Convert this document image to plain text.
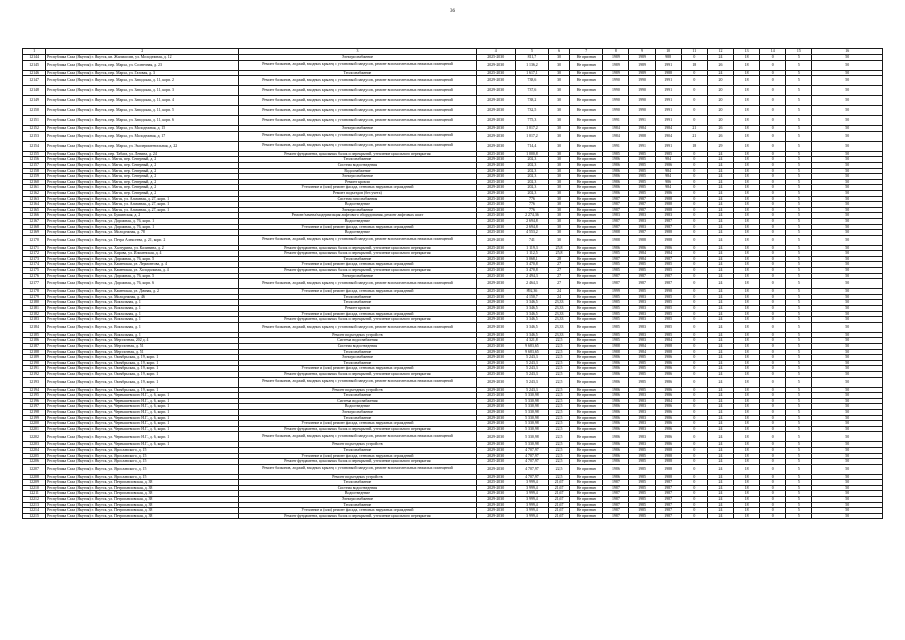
36
1	2	3	4	5	6	7	8	9	10	11	12	13	14	15	16
12144	Республика Саха (Якутия) г. Якутск, кв. Жилмассив, ул. Молодежная, д. 12	Электроснабжение	2025-2030	811,7	30	Не признан	1989	1989	988	0	24	18	0	5	50
12145	Республика Саха (Якутия) г. Якутск, пер. Марха, ул. Солнечная, д. 23	Ремонт балконов, лоджий, входных крылец с установкой пандусов, ремонт вспомогательных нежилых помещений	2029-2030	1 136,2	30	Не признан	1989	1989	1991	18	26	18	0	5	50
12146	Республика Саха (Якутия) г. Якутск, пер. Марха, ул. Газовая, д. 3	Теплоснабжение	2025-2030	1 617,1	30	Не признан	1989	1989	1988	0	24	18	0	5	50
12147	Республика Саха (Якутия) г. Якутск, пер. Марха, ул. Заводская, д. 11, корп. 2	Ремонт балконов, лоджий, входных крылец с установкой пандусов, ремонт вспомогательных нежилых помещений	2029-2030	738,6	30	Не признан	1990	1990	1991	0	20	18	0	5	50
12148	Республика Саха (Якутия) г. Якутск, пер. Марха, ул. Заводская, д. 11, корп. 3	Ремонт балконов, лоджий, входных крылец с установкой пандусов, ремонт вспомогательных нежилых помещений	2029-2030	737,6	30	Не признан	1990	1990	1991	0	20	18	0	5	50
12149	Республика Саха (Якутия) г. Якутск, пер. Марха, ул. Заводская, д. 11, корп. 4	Ремонт балконов, лоджий, входных крылец с установкой пандусов, ремонт вспомогательных нежилых помещений	2029-2030	738,2	30	Не признан	1990	1990	1991	0	20	18	0	5	50
12150	Республика Саха (Якутия) г. Якутск, пер. Марха, ул. Заводская, д. 11, корп. 5	Ремонт балконов, лоджий, входных крылец с установкой пандусов, ремонт вспомогательных нежилых помещений	2029-2030	732,5	30	Не признан	1990	1990	1991	0	20	18	0	5	50
12151	Республика Саха (Якутия) г. Якутск, пер. Марха, ул. Заводская, д. 11, корп. 6	Ремонт балконов, лоджий, входных крылец с установкой пандусов, ремонт вспомогательных нежилых помещений	2029-2030	775,3	30	Не признан	1991	1991	1991	0	20	18	0	5	50
12152	Республика Саха (Якутия) г. Якутск, пер. Марха, ул. Молодежная, д. 15	Электроснабжение	2029-2030	1 017,2	30	Не признан	1984	1984	1984	21	26	18	0	5	50
12153	Республика Саха (Якутия) г. Якутск, пер. Марха, ул. Молодежная, д. 17	Ремонт балконов, лоджий, входных крылец с установкой пандусов, ремонт вспомогательных нежилых помещений	2029-2030	1 017,2	30	Не признан	1984	1988	1904	21	26	18	0	5	50
12154	Республика Саха (Якутия) г. Якутск, пер. Марха, ул. Экспериментальная, д. 22	Ремонт балконов, лоджий, входных крылец с установкой пандусов, ремонт вспомогательных нежилых помещений	2029-2030	714,4	30	Не признан	1991	1991	1991	18	29	18	0	5	50
12155	Республика Саха (Якутия) г. Якутск, пер. Табага, ул. Ленина, д. 24	Ремонт фундамента, цокольных балок и перекрытий, утепление цокольного перекрытия	2025-2030	1 000,8	30	Не признан	1985	1985	1985	0	24	18	0	5	50
12156	Республика Саха (Якутия) г. Якутск, с. Магаs, пер. Северный, д. 2	Теплоснабжение	2029-2030	202,3	30	Не признан	1986	1985	984	0	24	18	0	5	50
12157	Республика Саха (Якутия) г. Якутск, с. Магаs, пер. Северный, д. 2	Система водоотведения	2029-2030	202,3	30	Не признан	1986	1985	1986	0	24	18	0	5	50
12158	Республика Саха (Якутия) г. Якутск, с. Магаs, пер. Северный, д. 2	Водоснабжение	2029-2030	202,3	30	Не признан	1986	1985	984	0	24	18	0	5	50
12159	Республика Саха (Якутия) г. Якутск, с. Магаs, пер. Северный, д. 2	Электроснабжение	2029-2030	202,3	30	Не признан	1986	1985	984	0	24	18	0	5	50
12160	Республика Саха (Якутия) г. Якутск, с. Магаs, пер. Северный, д. 2	Ремонт кровли	2025-2030	202,3	30	Не признан	1986	1985	986	0	24	18	0	5	50
12161	Республика Саха (Якутия) г. Якутск, с. Магаs, пер. Северный, д. 2	Утепление и (или) ремонт фасада, стеновых наружных ограждений	2029-2030	202,3	30	Не признан	1986	1985	984	0	24	18	0	5	50
12162	Республика Саха (Якутия) г. Якутск, с. Магаs, пер. Северный, д. 2	Ремонт подъездов (без учета)	2029-2030	202,3	30	Не признан	1986	1985	1986	0	24	18	0	5	50
12163	Республика Саха (Якутия) г. Якутск, с. Магаs, ул. Алмазная, д. 27, корп. 1	Система газоснабжения	2025-2030	776	30	Не признан	1987	1987	1988	0	24	18	0	5	50
12164	Республика Саха (Якутия) г. Якутск, с. Магаs, ул. Алмазная, д. 27, корп. 1	Водоотведение	2025-2030	776	30	Не признан	1987	1987	1988	0	24	18	0	5	50
12165	Республика Саха (Якутия) г. Якутск, с. Магаs, ул. Алмазная, д. 27, корп. 1	Электроснабжение	2025-2030	776	30	Не признан	1987	1987	1988	0	24	18	0	5	50
12166	Республика Саха (Якутия) г. Якутск, ул. Бушинская, д. 2	Ремонт/замена/модернизация лифтового оборудования, ремонт лифтовых шахт	2025-2030	2 274,36	30	Не признан	1983	1983	1983	0	24	18	0	5	50
12167	Республика Саха (Якутия) г. Якутск, ул. Дорожная, д. 76, корп. 1	Водоотведение	2025-2030	2 694,8	30	Не признан	1987	1983	1987	0	24	18	0	5	50
12168	Республика Саха (Якутия) г. Якутск, ул. Дорожная, д. 76, корп. 1	Утепление и (или) ремонт фасада, стеновых наружных ограждений	2025-2030	2 694,8	30	Не признан	1987	1983	1987	0	24	18	0	5	50
12169	Республика Саха (Якутия) г. Якутск, ул. Молодежная, д. 78	Водоотведение	2025-2030	4 553,2	30	Не признан	1988	1987	1988	0	24	18	0	5	50
12170	Республика Саха (Якутия) г. Якутск, ул. Петра Алексеева, д. 21, корп. 2	Ремонт балконов, лоджий, входных крылец с установкой пандусов, ремонт вспомогательных нежилых помещений	2029-2030	741	30	Не признан	1988	1988	1988	0	24	18	0	5	50
12171	Республика Саха (Якутия) г. Якутск, ул. Халтурина, ул. Калинина, д. 2	Ремонт фундамента, цокольных балок и перекрытий, утепление цокольного перекрытия	2025-2030	1 119,3	25,8	Не признан	1986	1986	1986	0	24	18	0	5	50
12172	Республика Саха (Якутия) г. Якутск, ул. Кирова, ул. Ильменская, д. 4	Ремонт фундамента, цокольных балок и перекрытий, утепление цокольного перекрытия	2025-2030	1 112,5	25,8	Не признан	1985	1984	1984	0	24	18	0	5	50
12173	Республика Саха (Якутия) г. Якутск, ул. Дорожная, д. 76, корп. 5	Теплоснабжение	2025-2030	3 068,1	28	Не признан	1987	1984	1987	0	24	18	0	5	50
12174	Республика Саха (Якутия) г. Якутск, ул. Каменская, ул. Лермонтова, д. 4	Утепление и (или) ремонт фасада, стеновых наружных ограждений	2029-2030	3 470,8	27	Не признан	1985	1985	1985	0	24	18	0	5	50
12175	Республика Саха (Якутия) г. Якутск, ул. Каменская, ул. Холодильная, д. 4	Ремонт фундамента, цокольных балок и перекрытий, утепление цокольного перекрытия	2025-2030	3 470,8	27	Не признан	1985	1985	1985	0	24	18	0	5	50
12176	Республика Саха (Якутия) г. Якутск, ул. Дорожная, д. 76, корп. 5	Электроснабжение	2025-2030	2 494,3	27	Не признан	1987	1987	1987	0	24	18	0	5	50
12177	Республика Саха (Якутия) г. Якутск, ул. Дорожная, д. 76, корп. 6	Ремонт балконов, лоджий, входных крылец с установкой пандусов, ремонт вспомогательных нежилых помещений	2029-2030	2 464,3	27	Не признан	1987	1987	1987	0	24	18	0	5	50
12178	Республика Саха (Якутия) г. Якутск, ул. Каменская, ул. Дачная, д. 2	Утепление и (или) ремонт фасада, стеновых наружных ограждений	2025-2030	892,36	24	Не признан	1999	1985	1998	0	24	18	0	5	50
12179	Республика Саха (Якутия) г. Якутск, ул. Молодежная, д. 46	Теплоснабжение	2025-2030	4 150,7	24	Не признан	1985	1983	1985	0	24	18	0	5	50
12180	Республика Саха (Якутия) г. Якутск, ул. Вокзальная, д. 1	Теплоснабжение	2029-2030	3 346,5	23,33	Не признан	1985	1983	1985	0	24	18	0	5	50
12181	Республика Саха (Якутия) г. Якутск, ул. Вокзальная, д. 1	Ремонт кровли	2029-2030	3 346,5	23,33	Не признан	1985	1983	1985	0	24	18	0	5	50
12182	Республика Саха (Якутия) г. Якутск, ул. Вокзальная, д. 1	Утепление и (или) ремонт фасада, стеновых наружных ограждений	2029-2030	3 346,5	23,33	Не признан	1985	1983	1985	0	24	18	0	5	50
12183	Республика Саха (Якутия) г. Якутск, ул. Вокзальная, д. 1	Ремонт фундамента, цокольных балок и перекрытий, утепление цокольного перекрытия	2029-2030	3 346,5	23,33	Не признан	1985	1983	1985	0	24	18	0	5	50
12184	Республика Саха (Якутия) г. Якутск, ул. Вокзальная, д. 1	Ремонт балконов, лоджий, входных крылец с установкой пандусов, ремонт вспомогательных нежилых помещений	2029-2030	3 346,5	23,33	Не признан	1985	1983	1985	0	24	18	0	5	50
12185	Республика Саха (Якутия) г. Якутск, ул. Вокзальная, д. 1	Ремонт подъездных устройств	2029-2030	3 346,5	23,33	Не признан	1985	1983	1985	0	24	18	0	5	50
12186	Республика Саха (Якутия) г. Якутск, ул. Мерзлотная, 202 д. 4	Система водоснабжения	2029-2030	4 321,8	22,5	Не признан	1985	1983	1984	0	24	18	0	5	50
12187	Республика Саха (Якутия) г. Якутск, ул. Мерзлотная, д. 51	Система водоотведения	2025-2030	9 683,65	22,5	Не признан	1988	1984	1988	0	24	18	0	5	50
12188	Республика Саха (Якутия) г. Якутск, ул. Мерзлотная, д. 51	Теплоснабжение	2029-2030	9 683,65	22,5	Не признан	1988	1984	1988	0	24	18	0	5	50
12189	Республика Саха (Якутия) г. Якутск, ул. Октябрьская, д. 19, корп. 1	Электроснабжение	2029-2030	5 243,3	22,5	Не признан	1986	1985	1986	0	24	18	0	5	50
12190	Республика Саха (Якутия) г. Якутск, ул. Октябрьская, д. 19, корп. 1	Теплоснабжение	2029-2030	5 243,3	22,5	Не признан	1986	1985	1986	0	24	18	0	5	50
12191	Республика Саха (Якутия) г. Якутск, ул. Октябрьская, д. 19, корп. 1	Утепление и (или) ремонт фасада, стеновых наружных ограждений	2029-2030	5 243,3	22,5	Не признан	1986	1985	1986	0	24	18	0	5	50
12192	Республика Саха (Якутия) г. Якутск, ул. Октябрьская, д. 19, корп. 1	Ремонт фундамента, цокольных балок и перекрытий, утепление цокольного перекрытия	2025-2030	5 243,3	22,5	Не признан	1986	1985	1986	0	24	18	0	5	50
12193	Республика Саха (Якутия) г. Якутск, ул. Октябрьская, д. 19, корп. 1	Ремонт балконов, лоджий, входных крылец с установкой пандусов, ремонт вспомогательных нежилых помещений	2029-2030	5 243,3	22,5	Не признан	1986	1985	1986	0	24	18	0	5	50
12194	Республика Саха (Якутия) г. Якутск, ул. Октябрьская, д. 19, корп. 1	Ремонт подъездных устройств	2029-2030	5 243,3	22,5	Не признан	1986	1985	1986	0	24	18	0	5	50
12195	Республика Саха (Якутия) г. Якутск, ул. Чернышевского Н.Г., д. 6, корп. 1	Теплоснабжение	2025-2030	5 330,98	22,5	Не признан	1986	1983	1986	0	24	18	0	5	50
12196	Республика Саха (Якутия) г. Якутск, ул. Чернышевского Н.Г., д. 6, корп. 1	Система водоснабжения	2025-2030	5 330,98	22,5	Не признан	1986	1983	1984	0	24	18	0	5	50
12197	Республика Саха (Якутия) г. Якутск, ул. Чернышевского Н.Г., д. 6, корп. 1	Водоотведение	2029-2030	5 330,98	22,5	Не признан	1986	1983	1986	0	24	18	0	5	50
12198	Республика Саха (Якутия) г. Якутск, ул. Чернышевского Н.Г., д. 6, корп. 1	Электроснабжение	2029-2030	5 330,98	22,5	Не признан	1986	1983	1986	0	24	18	0	5	50
12199	Республика Саха (Якутия) г. Якутск, ул. Чернышевского Н.Г., д. 6, корп. 1	Теплоснабжение	2029-2030	5 330,98	22,5	Не признан	1986	1983	1986	0	24	18	0	5	50
12200	Республика Саха (Якутия) г. Якутск, ул. Чернышевского Н.Г., д. 6, корп. 1	Утепление и (или) ремонт фасада, стеновых наружных ограждений	2029-2030	5 330,98	22,5	Не признан	1986	1983	1986	0	24	18	0	5	50
12201	Республика Саха (Якутия) г. Якутск, ул. Чернышевского Н.Г., д. 6, корп. 1	Ремонт фундамента, цокольных балок и перекрытий, утепление цокольного перекрытия	2025-2030	5 330,98	22,5	Не признан	1986	1983	1986	0	24	18	0	5	50
12202	Республика Саха (Якутия) г. Якутск, ул. Чернышевского Н.Г., д. 6, корп. 1	Ремонт балконов, лоджий, входных крылец с установкой пандусов, ремонт вспомогательных нежилых помещений	2029-2030	5 330,98	22,5	Не признан	1986	1983	1986	0	24	18	0	5	50
12203	Республика Саха (Якутия) г. Якутск, ул. Чернышевского Н.Г., д. 6, корп. 1	Ремонт подъездных устройств	2029-2030	5 330,98	22,5	Не признан	1986	1983	1986	0	24	18	0	5	50
12204	Республика Саха (Якутия) г. Якутск, ул. Ярославского, д. 15	Теплоснабжение	2029-2030	4 707,97	22,5	Не признан	1986	1985	1988	0	24	18	0	5	50
12205	Республика Саха (Якутия) г. Якутск, ул. Ярославского, д. 15	Утепление и (или) ремонт фасада, стеновых наружных ограждений	2029-2030	4 707,97	22,5	Не признан	1986	1985	1988	0	24	18	0	5	50
12206	Республика Саха (Якутия) г. Якутск, ул. Ярославского, д. 15	Ремонт фундамента, цокольных балок и перекрытий, утепление цокольного перекрытия	2025-2030	4 707,97	22,5	Не признан	1986	1985	1988	0	24	18	0	5	50
12207	Республика Саха (Якутия) г. Якутск, ул. Ярославского, д. 15	Ремонт балконов, лоджий, входных крылец с установкой пандусов, ремонт вспомогательных нежилых помещений	2029-2030	4 707,97	22,5	Не признан	1986	1985	1988	0	24	18	0	5	50
12208	Республика Саха (Якутия) г. Якутск, ул. Ярославского, д. 15	Ремонт подъездных устройств	2029-2030	4 707,97	22,5	Не признан	1986	1985	1988	0	24	18	0	5	50
12209	Республика Саха (Якутия) г. Якутск, ул. Петропавловская, д. 38	Теплоснабжение	2025-2030	3 999,4	21,67	Не признан	1987	1985	1987	0	24	18	0	5	50
12210	Республика Саха (Якутия) г. Якутск, ул. Петропавловская, д. 38	Система водоотведения	2029-2030	3 999,4	21,67	Не признан	1987	1985	1987	0	24	18	0	5	50
12211	Республика Саха (Якутия) г. Якутск, ул. Петропавловская, д. 38	Водоотведение	2029-2030	3 999,4	21,67	Не признан	1987	1985	1987	0	24	18	0	5	50
12212	Республика Саха (Якутия) г. Якутск, ул. Петропавловская, д. 38	Электроснабжение	2029-2030	3 999,4	21,67	Не признан	1987	1985	1987	0	24	18	0	5	50
12213	Республика Саха (Якутия) г. Якутск, ул. Петропавловская, д. 38	Теплоснабжение	2029-2030	3 999,4	21,67	Не признан	1987	1985	1987	0	24	18	0	5	50
12214	Республика Саха (Якутия) г. Якутск, ул. Петропавловская, д. 38	Утепление и (или) ремонт фасада, стеновых наружных ограждений	2029-2030	3 999,4	21,67	Не признан	1987	1985	1987	0	24	18	0	5	50
12215	Республика Саха (Якутия) г. Якутск, ул. Петропавловская, д. 38	Ремонт фундамента, цокольных балок и перекрытий, утепление цокольного перекрытия	2029-2030	3 999,4	21,67	Не признан	1987	1985	1987	0	24	18	0	5	50
